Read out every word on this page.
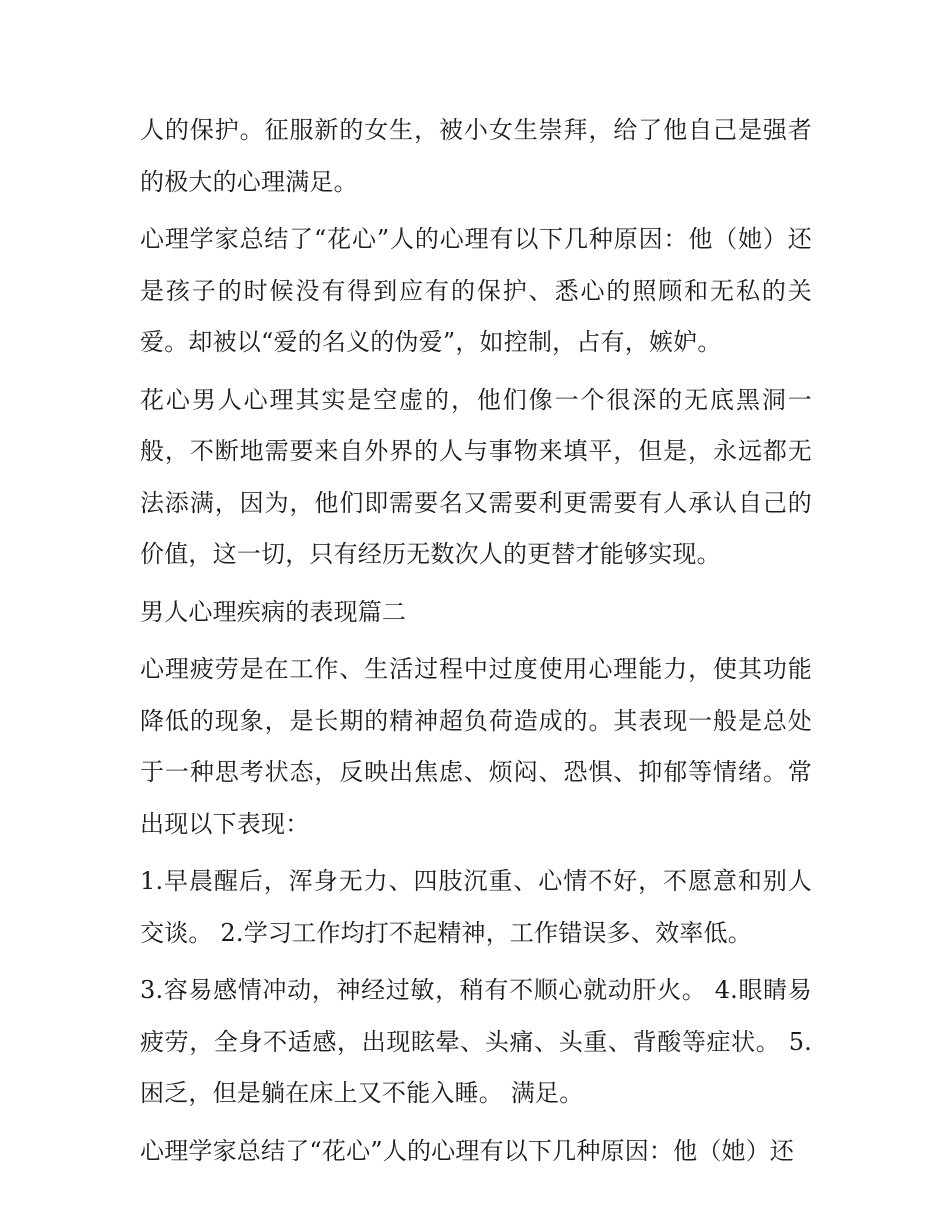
人的保护。征服新的女生，被小女生崇拜，给了他自己是强者的极大的心理满足。

心理学家总结了“花心”人的心理有以下几种原因：他（她）还是孩子的时候没有得到应有的保护、悉心的照顾和无私的关爱。却被以“爱的名义的伪爱”，如控制，占有，嫉妒。

花心男人心理其实是空虚的，他们像一个很深的无底黑洞一般，不断地需要来自外界的人与事物来填平，但是，永远都无法添满，因为，他们即需要名又需要利更需要有人承认自己的价值，这一切，只有经历无数次人的更替才能够实现。

男人心理疾病的表现篇二

心理疲劳是在工作、生活过程中过度使用心理能力，使其功能降低的现象，是长期的精神超负荷造成的。其表现一般是总处于一种思考状态，反映出焦虑、烦闷、恐惧、抑郁等情绪。常出现以下表现：

1.早晨醒后，浑身无力、四肢沉重、心情不好，不愿意和别人交谈。 2.学习工作均打不起精神，工作错误多、效率低。

3.容易感情冲动，神经过敏，稍有不顺心就动肝火。 4.眼睛易疲劳，全身不适感，出现眩晕、头痛、头重、背酸等症状。 5.困乏，但是躺在床上又不能入睡。 满足。

心理学家总结了“花心”人的心理有以下几种原因：他（她）还
